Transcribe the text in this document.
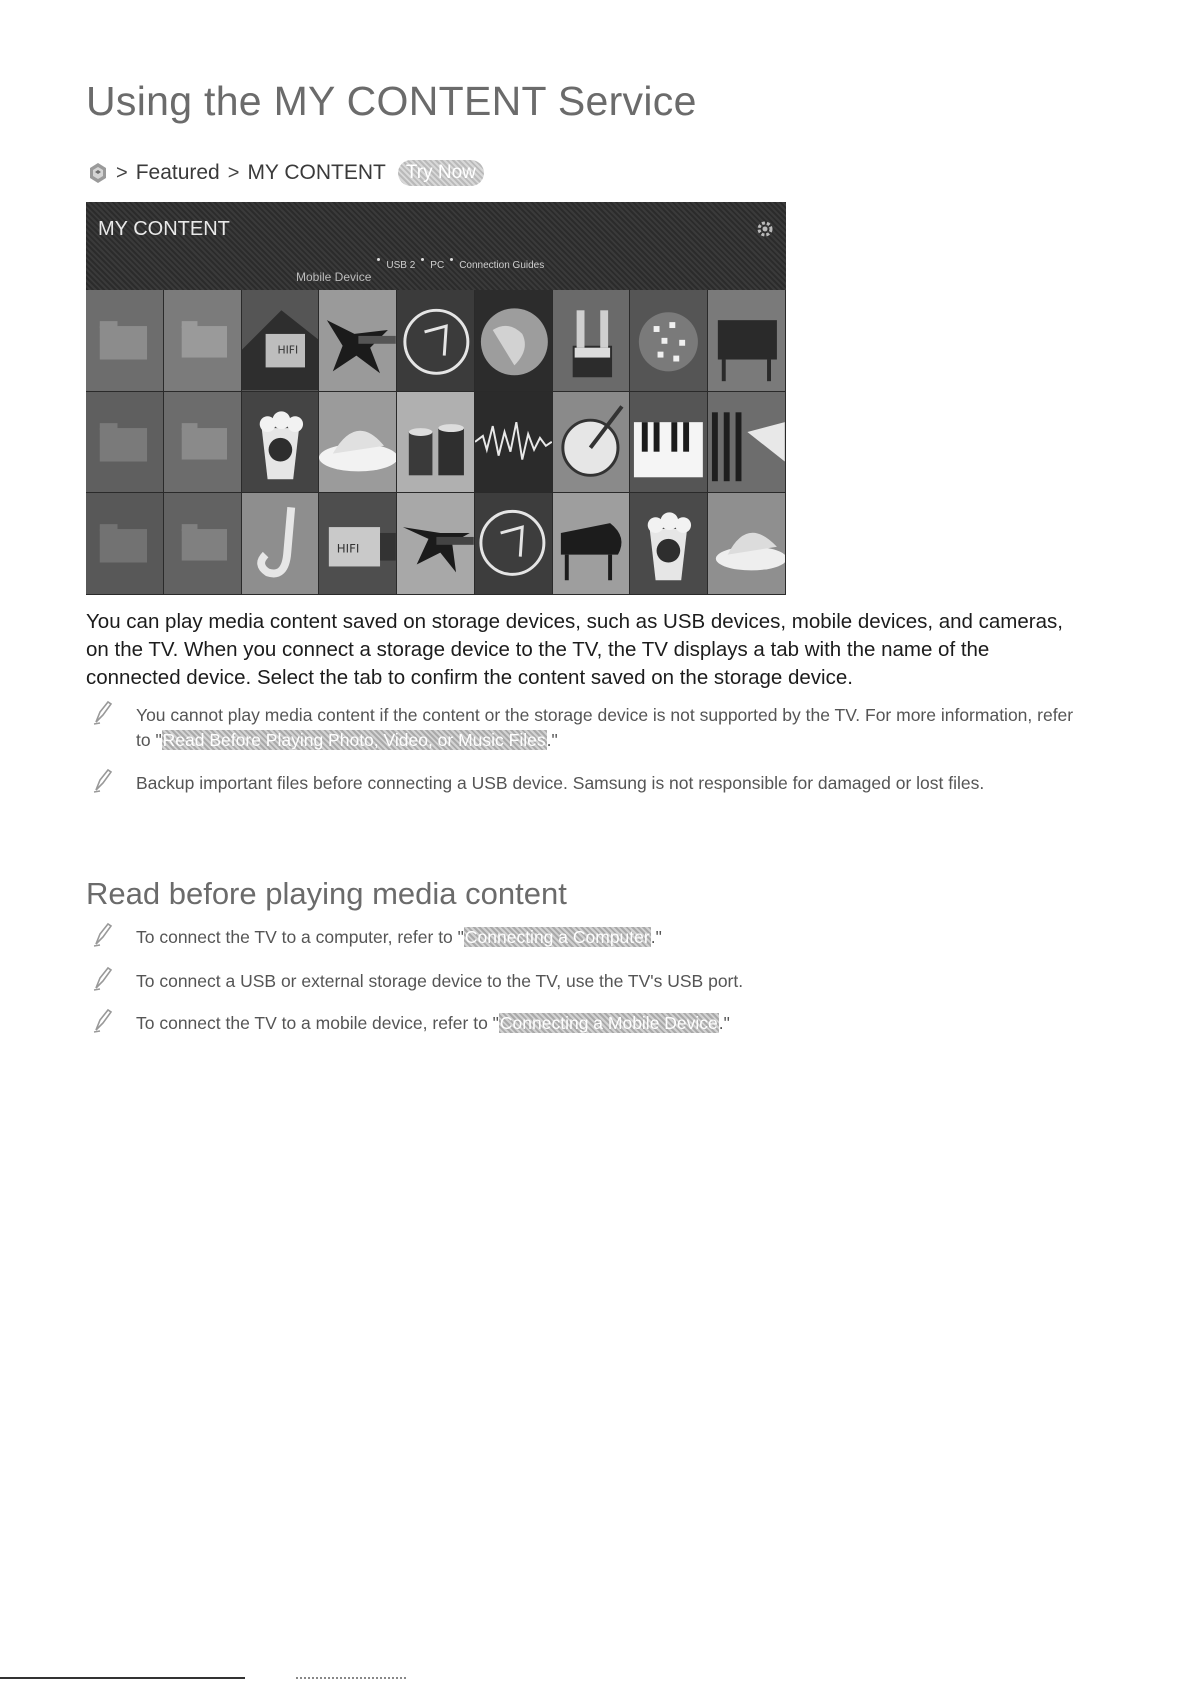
Using the MY CONTENT Service
> Featured > MY CONTENT	Try Now
MY CONTENT
Mobile Device
USB 2 PC Connection Guides
HIFI
HIFI

You can play media content saved on storage devices, such as USB devices, mobile devices, and cameras, on the TV. When you connect a storage device to the TV, the TV displays a tab with the name of the connected device. Select the tab to confirm the content saved on the storage device.

You cannot play media content if the content or the storage device is not supported by the TV. For more information, refer to "Read Before Playing Photo, Video, or Music Files."

Backup important files before connecting a USB device. Samsung is not responsible for damaged or lost files.

Read before playing media content

To connect the TV to a computer, refer to "Connecting a Computer."

To connect a USB or external storage device to the TV, use the TV's USB port.

To connect the TV to a mobile device, refer to "Connecting a Mobile Device."
